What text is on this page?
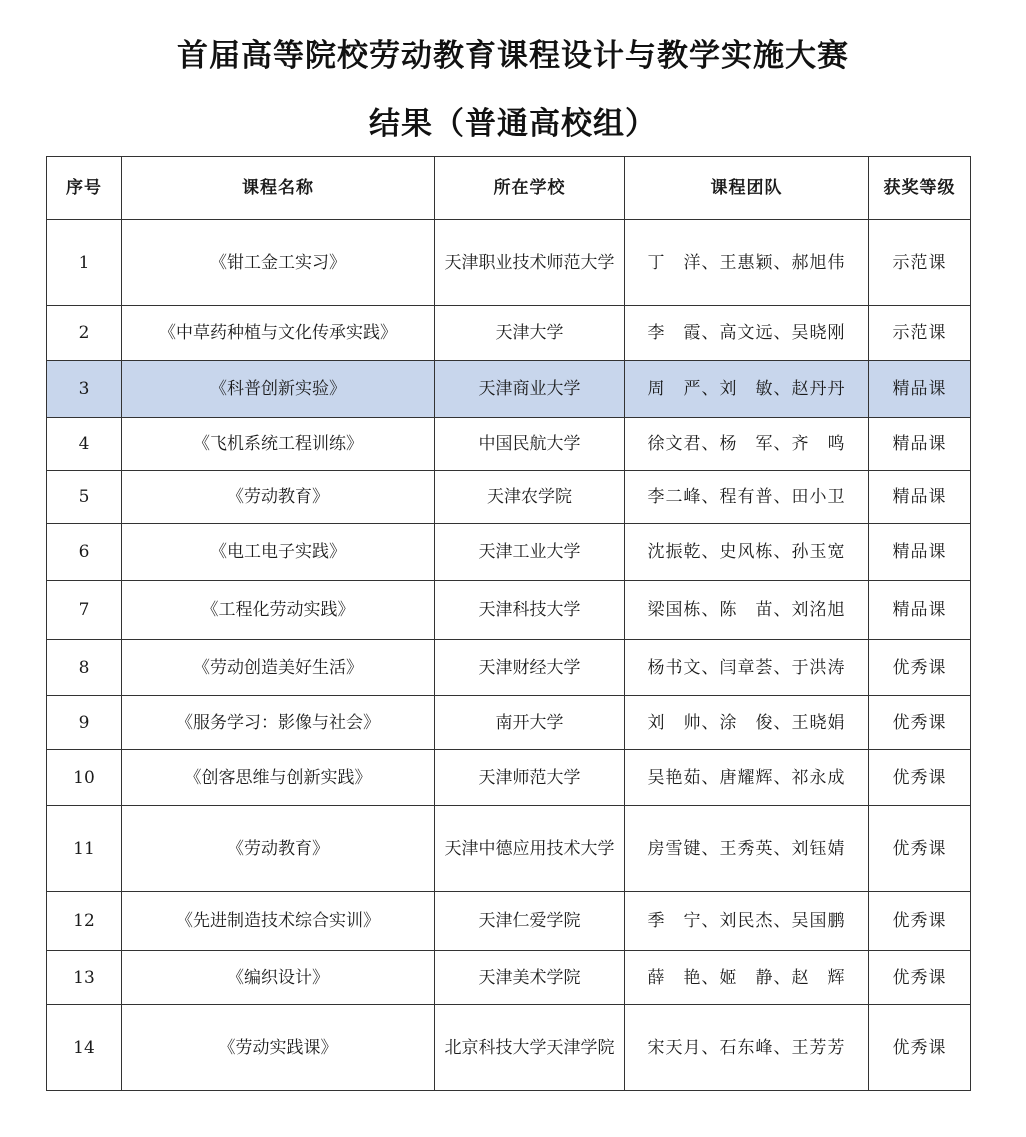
首届高等院校劳动教育课程设计与教学实施大赛
结果（普通高校组）
序号	课程名称	所在学校	课程团队	获奖等级
1	《钳工金工实习》	天津职业技术师范大学	丁　洋、王惠颖、郝旭伟	示范课
2	《中草药种植与文化传承实践》	天津大学	李　霞、高文远、吴晓刚	示范课
3	《科普创新实验》	天津商业大学	周　严、刘　敏、赵丹丹	精品课
4	《飞机系统工程训练》	中国民航大学	徐文君、杨　军、齐　鸣	精品课
5	《劳动教育》	天津农学院	李二峰、程有普、田小卫	精品课
6	《电工电子实践》	天津工业大学	沈振乾、史风栋、孙玉宽	精品课
7	《工程化劳动实践》	天津科技大学	梁国栋、陈　苗、刘洺旭	精品课
8	《劳动创造美好生活》	天津财经大学	杨书文、闫章荟、于洪涛	优秀课
9	《服务学习：影像与社会》	南开大学	刘　帅、涂　俊、王晓娟	优秀课
10	《创客思维与创新实践》	天津师范大学	吴艳茹、唐耀辉、祁永成	优秀课
11	《劳动教育》	天津中德应用技术大学	房雪键、王秀英、刘钰婧	优秀课
12	《先进制造技术综合实训》	天津仁爱学院	季　宁、刘民杰、吴国鹏	优秀课
13	《编织设计》	天津美术学院	薛　艳、姬　静、赵　辉	优秀课
14	《劳动实践课》	北京科技大学天津学院	宋天月、石东峰、王芳芳	优秀课
